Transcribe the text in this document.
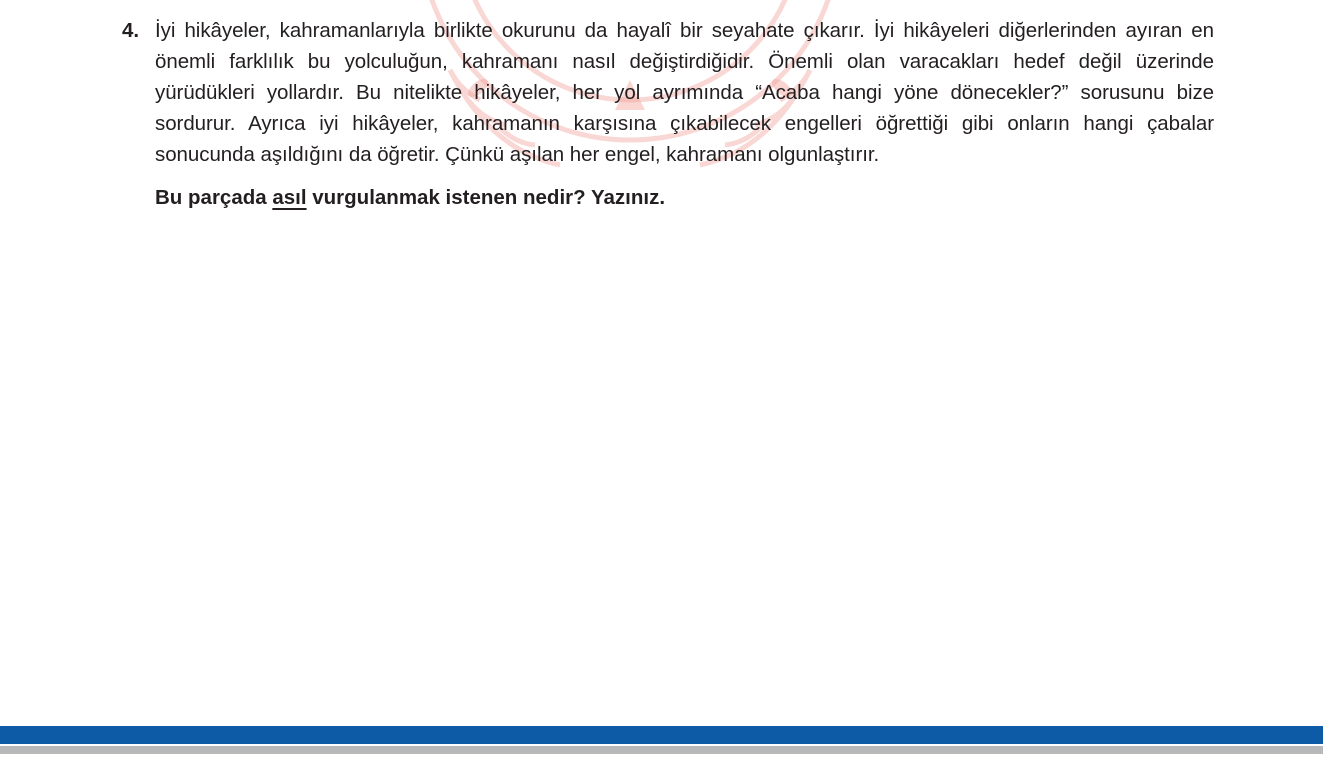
4. İyi hikâyeler, kahramanlarıyla birlikte okurunu da hayalî bir seyahate çıkarır. İyi hikâyeleri diğerlerinden ayıran en önemli farklılık bu yolculuğun, kahramanı nasıl değiştirdiğidir. Önemli olan varacakları hedef değil üzerinde yürüdükleri yollardır. Bu nitelikte hikâyeler, her yol ayrımında “Acaba hangi yöne dönecekler?” sorusunu bize sordurur. Ayrıca iyi hikâyeler, kahramanın karşısına çıkabilecek engelleri öğrettiği gibi onların hangi çabalar sonucunda aşıldığını da öğretir. Çünkü aşılan her engel, kahramanı olgunlaştırır.

Bu parçada asıl vurgulanmak istenen nedir? Yazınız.
